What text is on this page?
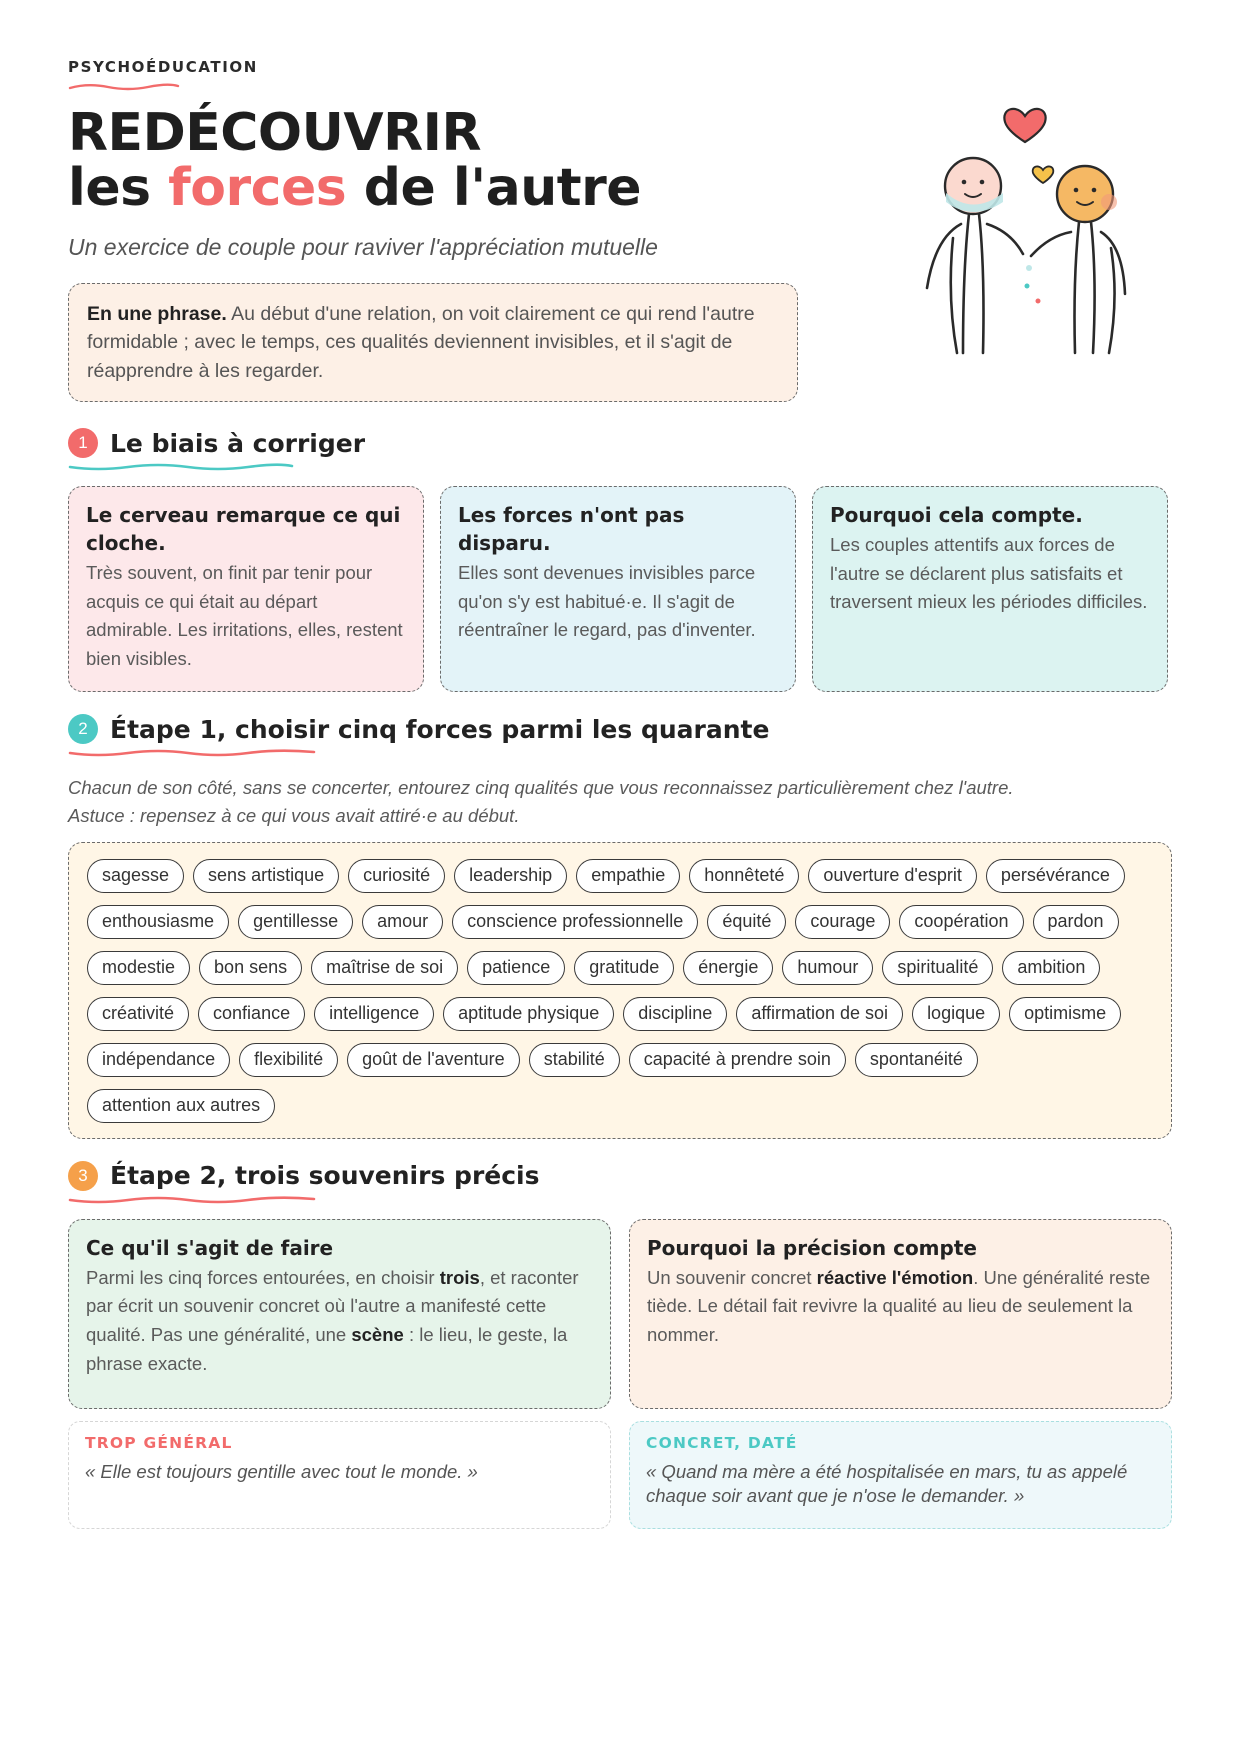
PSYCHOÉDUCATION
REDÉCOUVRIR
les forces de l'autre
Un exercice de couple pour raviver l'appréciation mutuelle
En une phrase. Au début d'une relation, on voit clairement ce qui rend l'autre formidable ; avec le temps, ces qualités deviennent invisibles, et il s'agit de réapprendre à les regarder.
1 Le biais à corriger
Le cerveau remarque ce qui cloche.
Très souvent, on finit par tenir pour acquis ce qui était au départ admirable. Les irritations, elles, restent bien visibles.
Les forces n'ont pas disparu.
Elles sont devenues invisibles parce qu'on s'y est habitué·e. Il s'agit de réentraîner le regard, pas d'inventer.
Pourquoi cela compte.
Les couples attentifs aux forces de l'autre se déclarent plus satisfaits et traversent mieux les périodes difficiles.
2 Étape 1, choisir cinq forces parmi les quarante
Chacun de son côté, sans se concerter, entourez cinq qualités que vous reconnaissez particulièrement chez l'autre.
Astuce : repensez à ce qui vous avait attiré·e au début.
sagesse	sens artistique	curiosité	leadership	empathie	honnêteté	ouverture d'esprit	persévérance
enthousiasme	gentillesse	amour	conscience professionnelle	équité	courage	coopération	pardon
modestie	bon sens	maîtrise de soi	patience	gratitude	énergie	humour	spiritualité	ambition
créativité	confiance	intelligence	aptitude physique	discipline	affirmation de soi	logique	optimisme
indépendance	flexibilité	goût de l'aventure	stabilité	capacité à prendre soin	spontanéité
attention aux autres
3 Étape 2, trois souvenirs précis
Ce qu'il s'agit de faire
Parmi les cinq forces entourées, en choisir trois, et raconter par écrit un souvenir concret où l'autre a manifesté cette qualité. Pas une généralité, une scène : le lieu, le geste, la phrase exacte.
Pourquoi la précision compte
Un souvenir concret réactive l'émotion. Une généralité reste tiède. Le détail fait revivre la qualité au lieu de seulement la nommer.
TROP GÉNÉRAL
« Elle est toujours gentille avec tout le monde. »
CONCRET, DATÉ
« Quand ma mère a été hospitalisée en mars, tu as appelé chaque soir avant que je n'ose le demander. »
